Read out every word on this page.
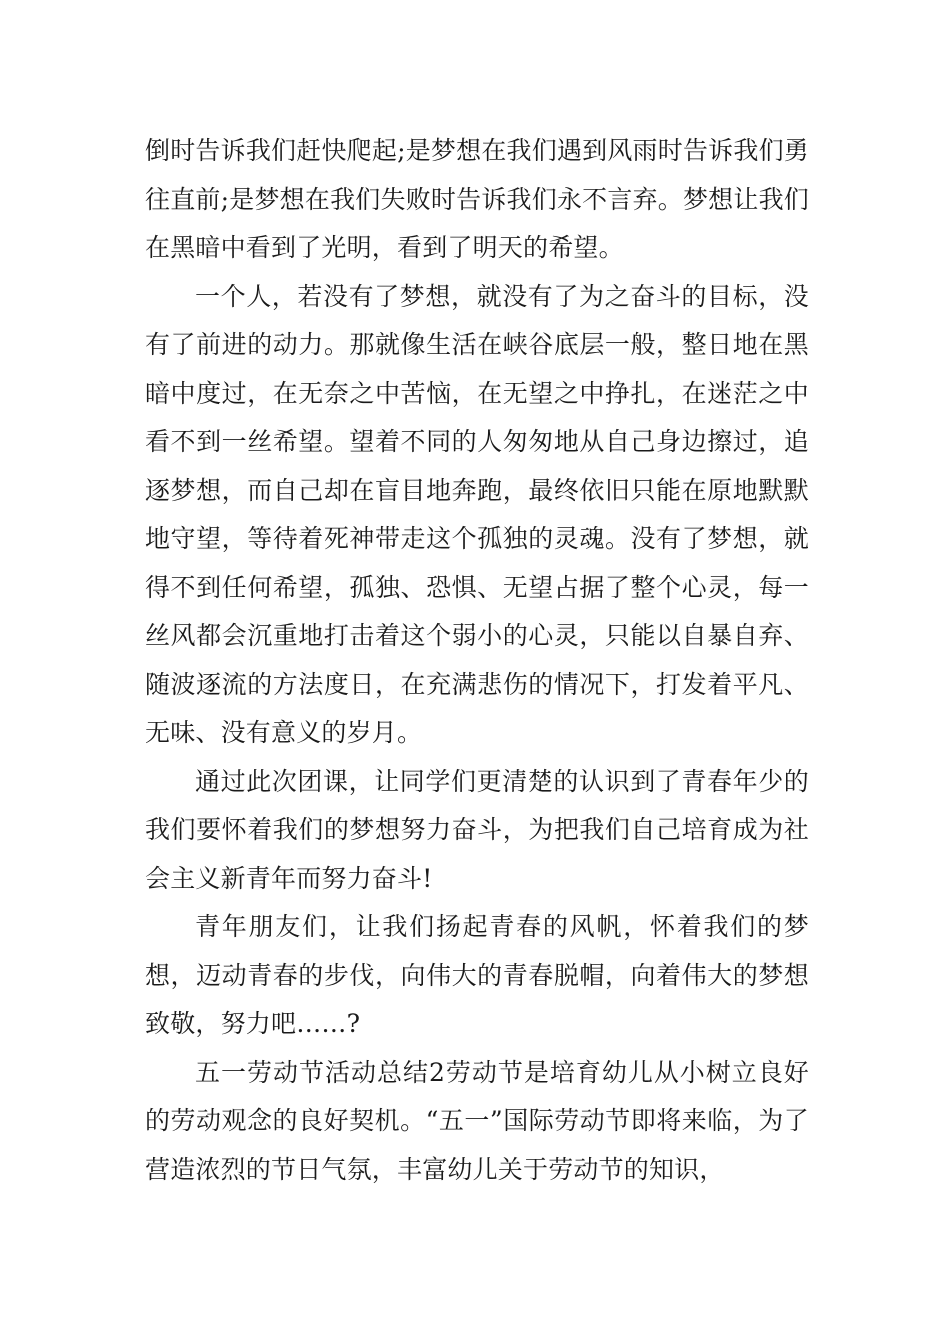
倒时告诉我们赶快爬起;是梦想在我们遇到风雨时告诉我们勇往直前;是梦想在我们失败时告诉我们永不言弃。梦想让我们在黑暗中看到了光明，看到了明天的希望。

一个人，若没有了梦想，就没有了为之奋斗的目标，没有了前进的动力。那就像生活在峡谷底层一般，整日地在黑暗中度过，在无奈之中苦恼，在无望之中挣扎，在迷茫之中看不到一丝希望。望着不同的人匆匆地从自己身边擦过，追逐梦想，而自己却在盲目地奔跑，最终依旧只能在原地默默地守望，等待着死神带走这个孤独的灵魂。没有了梦想，就得不到任何希望，孤独、恐惧、无望占据了整个心灵，每一丝风都会沉重地打击着这个弱小的心灵，只能以自暴自弃、随波逐流的方法度日，在充满悲伤的情况下，打发着平凡、无味、没有意义的岁月。

通过此次团课，让同学们更清楚的认识到了青春年少的我们要怀着我们的梦想努力奋斗，为把我们自己培育成为社会主义新青年而努力奋斗!

青年朋友们，让我们扬起青春的风帆，怀着我们的梦想，迈动青春的步伐，向伟大的青春脱帽，向着伟大的梦想致敬，努力吧……?

五一劳动节活动总结2劳动节是培育幼儿从小树立良好的劳动观念的良好契机。“五一”国际劳动节即将来临，为了营造浓烈的节日气氛，丰富幼儿关于劳动节的知识，
